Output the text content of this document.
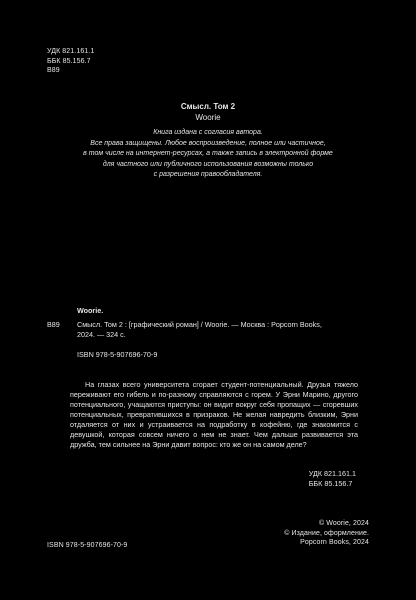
УДК 821.161.1
ББК 85.156.7
В89
Смысл. Том 2
Woorie
Книга издана с согласия автора.
Все права защищены. Любое воспроизведение, полное или частичное,
в том числе на интернет-ресурсах, а также запись в электронной форме
для частного или публичного использования возможны только
с разрешения правообладателя.
Woorie.
В89	Смысл. Том 2 : [графический роман] / Woorie. — Москва : Popcorn Books,
2024. — 324 с.
ISBN 978-5-907696-70-9

На глазах всего университета сгорает студент-потенциальный. Друзья тяжело переживают его гибель и по-разному справляются с горем. У Эрни Марино, другого потенциального, учащаются приступы: он видит вокруг себя пропащих — сгоревших потенциальных, превратившихся в призраков. Не желая навредить близким, Эрни отдаляется от них и устраивается на подработку в кофейню, где знакомится с девушкой, которая совсем ничего о нем не знает. Чем дальше развивается эта дружба, тем сильнее на Эрни давит вопрос: кто же он на самом деле?

УДК 821.161.1
ББК 85.156.7
© Woorie, 2024
© Издание, оформление.
Popcorn Books, 2024
ISBN 978-5-907696-70-9
